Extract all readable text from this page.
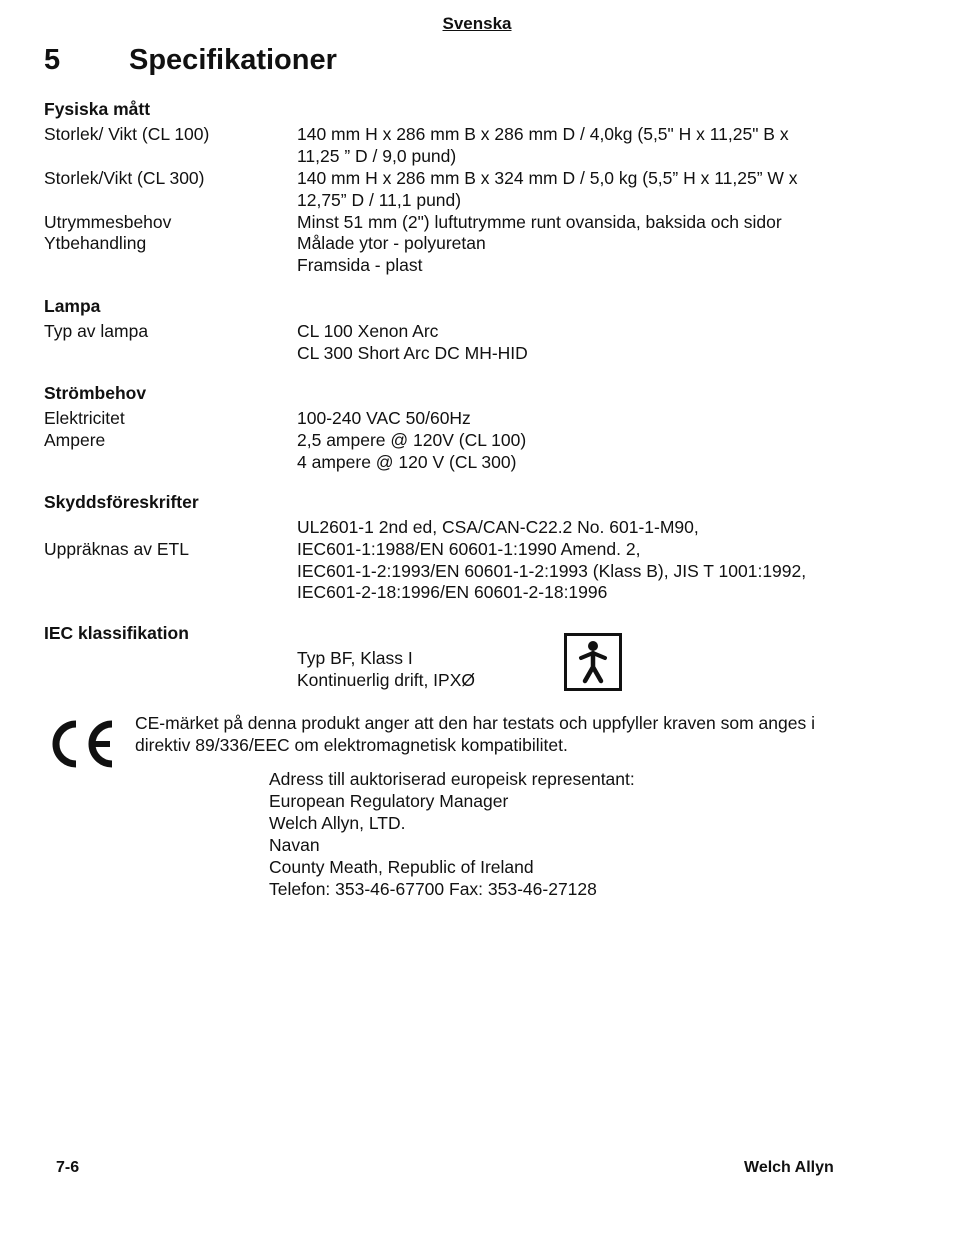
Svenska
5 Specifikationer
Fysiska mått
Storlek/ Vikt (CL 100)	140 mm H x 286 mm B x 286 mm D / 4,0kg (5,5" H x 11,25" B x
11,25 ” D / 9,0 pund)
Storlek/Vikt (CL 300)	140 mm H x 286 mm B x 324 mm D / 5,0 kg (5,5” H x 11,25” W x
12,75” D / 11,1 pund)
Utrymmesbehov	Minst 51 mm (2") luftutrymme runt ovansida, baksida och sidor
Ytbehandling	Målade ytor - polyuretan
Framsida - plast
Lampa
Typ av lampa	CL 100 Xenon Arc
CL 300 Short Arc DC MH-HID
Strömbehov
Elektricitet	100-240 VAC 50/60Hz
Ampere	2,5 ampere @ 120V (CL 100)
4 ampere @ 120 V (CL 300)
Skyddsföreskrifter
UL2601-1 2nd ed, CSA/CAN-C22.2 No. 601-1-M90,
Uppräknas av ETL	IEC601-1:1988/EN 60601-1:1990 Amend. 2,
IEC601-1-2:1993/EN 60601-1-2:1993 (Klass B), JIS T 1001:1992,
IEC601-2-18:1996/EN 60601-2-18:1996
IEC klassifikation
Typ BF, Klass I
Kontinuerlig drift, IPXØ
CE-märket på denna produkt anger att den har testats och uppfyller kraven som anges i
direktiv 89/336/EEC om elektromagnetisk kompatibilitet.
Adress till auktoriserad europeisk representant:
European Regulatory Manager
Welch Allyn, LTD.
Navan
County Meath, Republic of Ireland
Telefon: 353-46-67700 Fax: 353-46-27128
7-6	Welch Allyn
